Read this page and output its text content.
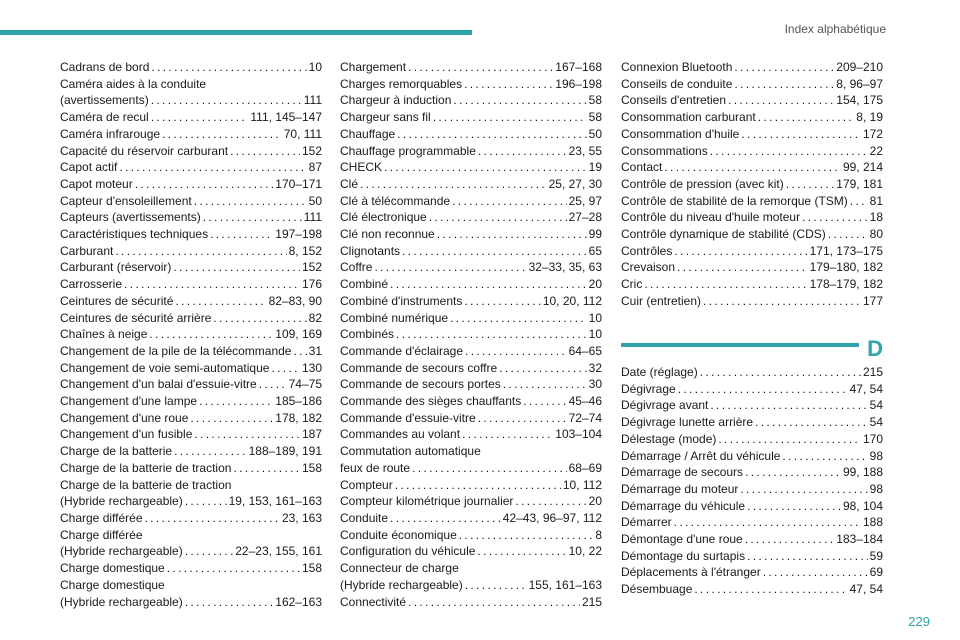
Index alphabétique
Cadrans de bord . . .	10
Caméra aides à la conduite
(avertissements) . . .	111
Caméra de recul . . .	111, 145–147
Caméra infrarouge . . .	70, 111
Capacité du réservoir carburant . . .	152
Capot actif . . .	87
Capot moteur . . .	170–171
Capteur d'ensoleillement . . .	50
Capteurs (avertissements) . . .	111
Caractéristiques techniques . . .	197–198
Carburant . . .	8, 152
Carburant (réservoir) . . .	152
Carrosserie . . .	176
Ceintures de sécurité . . .	82–83, 90
Ceintures de sécurité arrière . . .	82
Chaînes à neige . . .	109, 169
Changement de la pile de la télécommande . . . 31
Changement de voie semi-automatique . . .	130
Changement d'un balai d'essuie-vitre . . .	74–75
Changement d'une lampe . . .	185–186
Changement d'une roue . . .	178, 182
Changement d'un fusible . . .	187
Charge de la batterie . . .	188–189, 191
Charge de la batterie de traction . . .	158
Charge de la batterie de traction
(Hybride rechargeable) . . .	19, 153, 161–163
Charge différée . . .	23, 163
Charge différée
(Hybride rechargeable) . . .	22–23, 155, 161
Charge domestique . . .	158
Charge domestique
(Hybride rechargeable) . . .	162–163
Chargement . . .	167–168
Charges remorquables . . .	196–198
Chargeur à induction . . .	58
Chargeur sans fil . . .	58
Chauffage . . .	50
Chauffage programmable . . .	23, 55
CHECK . . .	19
Clé . . .	25, 27, 30
Clé à télécommande . . .	25, 97
Clé électronique . . .	27–28
Clé non reconnue . . .	99
Clignotants . . .	65
Coffre . . .	32–33, 35, 63
Combiné . . .	20
Combiné d'instruments . . .	10, 20, 112
Combiné numérique . . .	10
Combinés . . .	10
Commande d'éclairage . . .	64–65
Commande de secours coffre . . .	32
Commande de secours portes . . .	30
Commande des sièges chauffants . . .	45–46
Commande d'essuie-vitre . . .	72–74
Commandes au volant . . .	103–104
Commutation automatique
feux de route . . .	68–69
Compteur . . .	10, 112
Compteur kilométrique journalier . . .	20
Conduite . . .	42–43, 96–97, 112
Conduite économique . . .	8
Configuration du véhicule . . .	10, 22
Connecteur de charge
(Hybride rechargeable) . . .	155, 161–163
Connectivité . . .	215
Connexion Bluetooth . . .	209–210
Conseils de conduite . . .	8, 96–97
Conseils d'entretien . . .	154, 175
Consommation carburant . . .	8, 19
Consommation d'huile . . .	172
Consommations . . .	22
Contact . . .	99, 214
Contrôle de pression (avec kit) . . .	179, 181
Contrôle de stabilité de la remorque (TSM) . . . 81
Contrôle du niveau d'huile moteur . . .	18
Contrôle dynamique de stabilité (CDS) . . .	80
Contrôles . . .	171, 173–175
Crevaison . . .	179–180, 182
Cric . . .	178–179, 182
Cuir (entretien) . . .	177
D
Date (réglage) . . .	215
Dégivrage . . .	47, 54
Dégivrage avant . . .	54
Dégivrage lunette arrière . . .	54
Délestage (mode) . . .	170
Démarrage / Arrêt du véhicule . . .	98
Démarrage de secours . . .	99, 188
Démarrage du moteur . . .	98
Démarrage du véhicule . . .	98, 104
Démarrer . . .	188
Démontage d'une roue . . .	183–184
Démontage du surtapis . . .	59
Déplacements à l'étranger . . .	69
Désembuage . . .	47, 54
229
